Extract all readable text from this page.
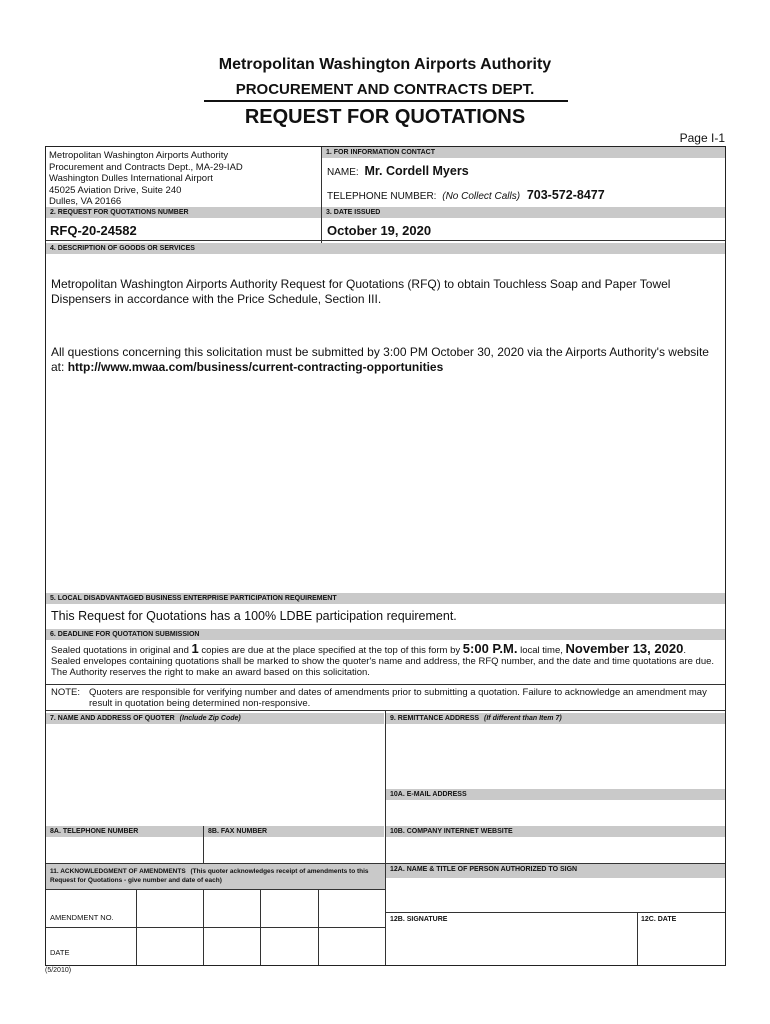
Metropolitan Washington Airports Authority
PROCUREMENT AND CONTRACTS DEPT.
REQUEST FOR QUOTATIONS
Page I-1
Metropolitan Washington Airports Authority
Procurement and Contracts Dept., MA-29-IAD
Washington Dulles International Airport
45025 Aviation Drive, Suite 240
Dulles, VA 20166
1. FOR INFORMATION CONTACT
NAME: Mr. Cordell Myers
TELEPHONE NUMBER: (No Collect Calls) 703-572-8477
2. REQUEST FOR QUOTATIONS NUMBER	3. DATE ISSUED
RFQ-20-24582	October 19, 2020
4. DESCRIPTION OF GOODS OR SERVICES
Metropolitan Washington Airports Authority Request for Quotations (RFQ) to obtain Touchless Soap and Paper Towel Dispensers in accordance with the Price Schedule, Section III.
All questions concerning this solicitation must be submitted by 3:00 PM October 30, 2020 via the Airports Authority's website at: http://www.mwaa.com/business/current-contracting-opportunities
5. LOCAL DISADVANTAGED BUSINESS ENTERPRISE PARTICIPATION REQUIREMENT
This Request for Quotations has a 100% LDBE participation requirement.
6. DEADLINE FOR QUOTATION SUBMISSION
Sealed quotations in original and 1 copies are due at the place specified at the top of this form by 5:00 P.M. local time, November 13, 2020.
Sealed envelopes containing quotations shall be marked to show the quoter's name and address, the RFQ number, and the date and time quotations are due. The Authority reserves the right to make an award based on this solicitation.
NOTE: Quoters are responsible for verifying number and dates of amendments prior to submitting a quotation. Failure to acknowledge an amendment may result in quotation being determined non-responsive.
7. NAME AND ADDRESS OF QUOTER (Include Zip Code)	9. REMITTANCE ADDRESS (If different than Item 7)
10A. E-MAIL ADDRESS
8A. TELEPHONE NUMBER	8B. FAX NUMBER	10B. COMPANY INTERNET WEBSITE
11. ACKNOWLEDGMENT OF AMENDMENTS (This quoter acknowledges receipt of amendments to this Request for Quotations - give number and date of each)
12A. NAME & TITLE OF PERSON AUTHORIZED TO SIGN
AMENDMENT NO.
DATE
12B. SIGNATURE	12C. DATE
(5/2010)
